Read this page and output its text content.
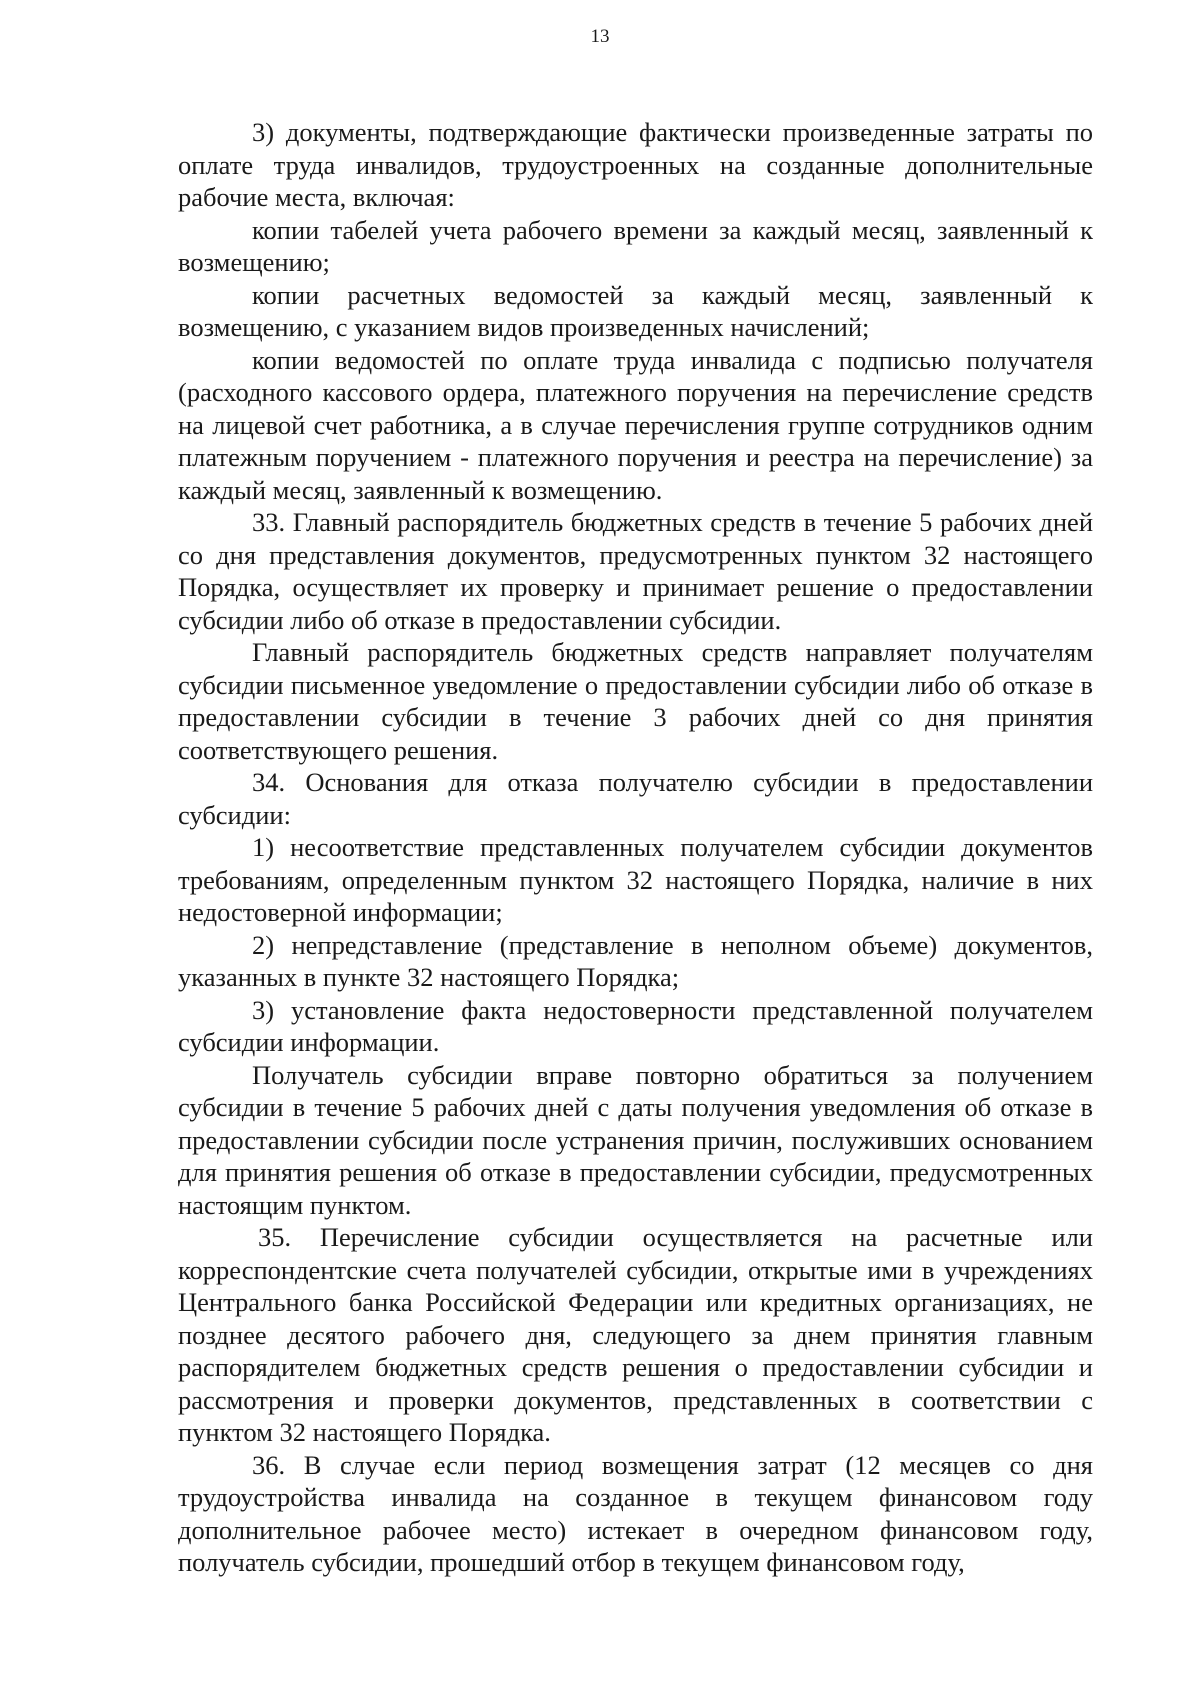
13

3) документы, подтверждающие фактически произведенные затраты по оплате труда инвалидов, трудоустроенных на созданные дополнительные рабочие места, включая:

копии табелей учета рабочего времени за каждый месяц, заявленный к возмещению;

копии расчетных ведомостей за каждый месяц, заявленный к возмещению, с указанием видов произведенных начислений;

копии ведомостей по оплате труда инвалида с подписью получателя (расходного кассового ордера, платежного поручения на перечисление средств на лицевой счет работника, а в случае перечисления группе сотрудников одним платежным поручением - платежного поручения и реестра на перечисление) за каждый месяц, заявленный к возмещению.

33. Главный распорядитель бюджетных средств в течение 5 рабочих дней со дня представления документов, предусмотренных пунктом 32 настоящего Порядка, осуществляет их проверку и принимает решение о предоставлении субсидии либо об отказе в предоставлении субсидии.

Главный распорядитель бюджетных средств направляет получателям субсидии письменное уведомление о предоставлении субсидии либо об отказе в предоставлении субсидии в течение 3 рабочих дней со дня принятия соответствующего решения.

34. Основания для отказа получателю субсидии в предоставлении субсидии:

1) несоответствие представленных получателем субсидии документов требованиям, определенным пунктом 32 настоящего Порядка, наличие в них недостоверной информации;

2) непредставление (представление в неполном объеме) документов, указанных в пункте 32 настоящего Порядка;

3) установление факта недостоверности представленной получателем субсидии информации.

Получатель субсидии вправе повторно обратиться за получением субсидии в течение 5 рабочих дней с даты получения уведомления об отказе в предоставлении субсидии после устранения причин, послуживших основанием для принятия решения об отказе в предоставлении субсидии, предусмотренных настоящим пунктом.

35. Перечисление субсидии осуществляется на расчетные или корреспондентские счета получателей субсидии, открытые ими в учреждениях Центрального банка Российской Федерации или кредитных организациях, не позднее десятого рабочего дня, следующего за днем принятия главным распорядителем бюджетных средств решения о предоставлении субсидии и рассмотрения и проверки документов, представленных в соответствии с пунктом 32 настоящего Порядка.

36. В случае если период возмещения затрат (12 месяцев со дня трудоустройства инвалида на созданное в текущем финансовом году дополнительное рабочее место) истекает в очередном финансовом году, получатель субсидии, прошедший отбор в текущем финансовом году,
